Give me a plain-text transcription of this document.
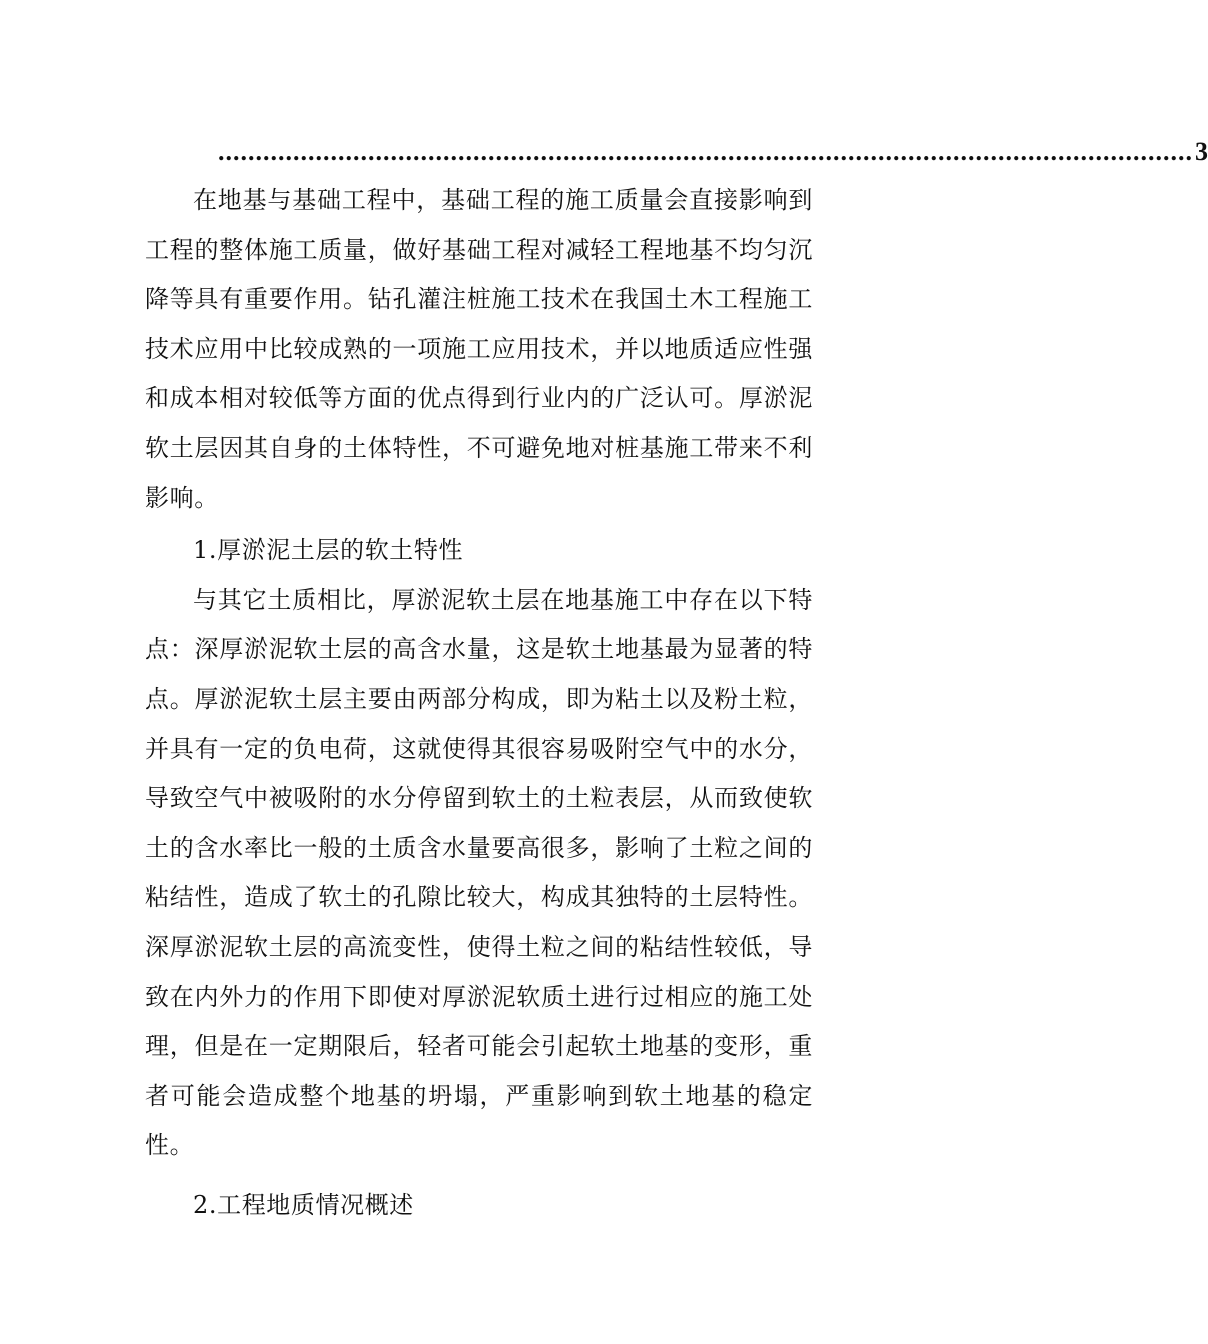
.................................................................................................................................. 3

在地基与基础工程中，基础工程的施工质量会直接影响到工程的整体施工质量，做好基础工程对减轻工程地基不均匀沉降等具有重要作用。钻孔灌注桩施工技术在我国土木工程施工技术应用中比较成熟的一项施工应用技术，并以地质适应性强和成本相对较低等方面的优点得到行业内的广泛认可。厚淤泥软土层因其自身的土体特性，不可避免地对桩基施工带来不利影响。

1.厚淤泥土层的软土特性

与其它土质相比，厚淤泥软土层在地基施工中存在以下特点：深厚淤泥软土层的高含水量，这是软土地基最为显著的特点。厚淤泥软土层主要由两部分构成，即为粘土以及粉土粒，并具有一定的负电荷，这就使得其很容易吸附空气中的水分，导致空气中被吸附的水分停留到软土的土粒表层，从而致使软土的含水率比一般的土质含水量要高很多，影响了土粒之间的粘结性，造成了软土的孔隙比较大，构成其独特的土层特性。深厚淤泥软土层的高流变性，使得土粒之间的粘结性较低，导致在内外力的作用下即使对厚淤泥软质土进行过相应的施工处理，但是在一定期限后，轻者可能会引起软土地基的变形，重者可能会造成整个地基的坍塌，严重影响到软土地基的稳定性。

2.工程地质情况概述
